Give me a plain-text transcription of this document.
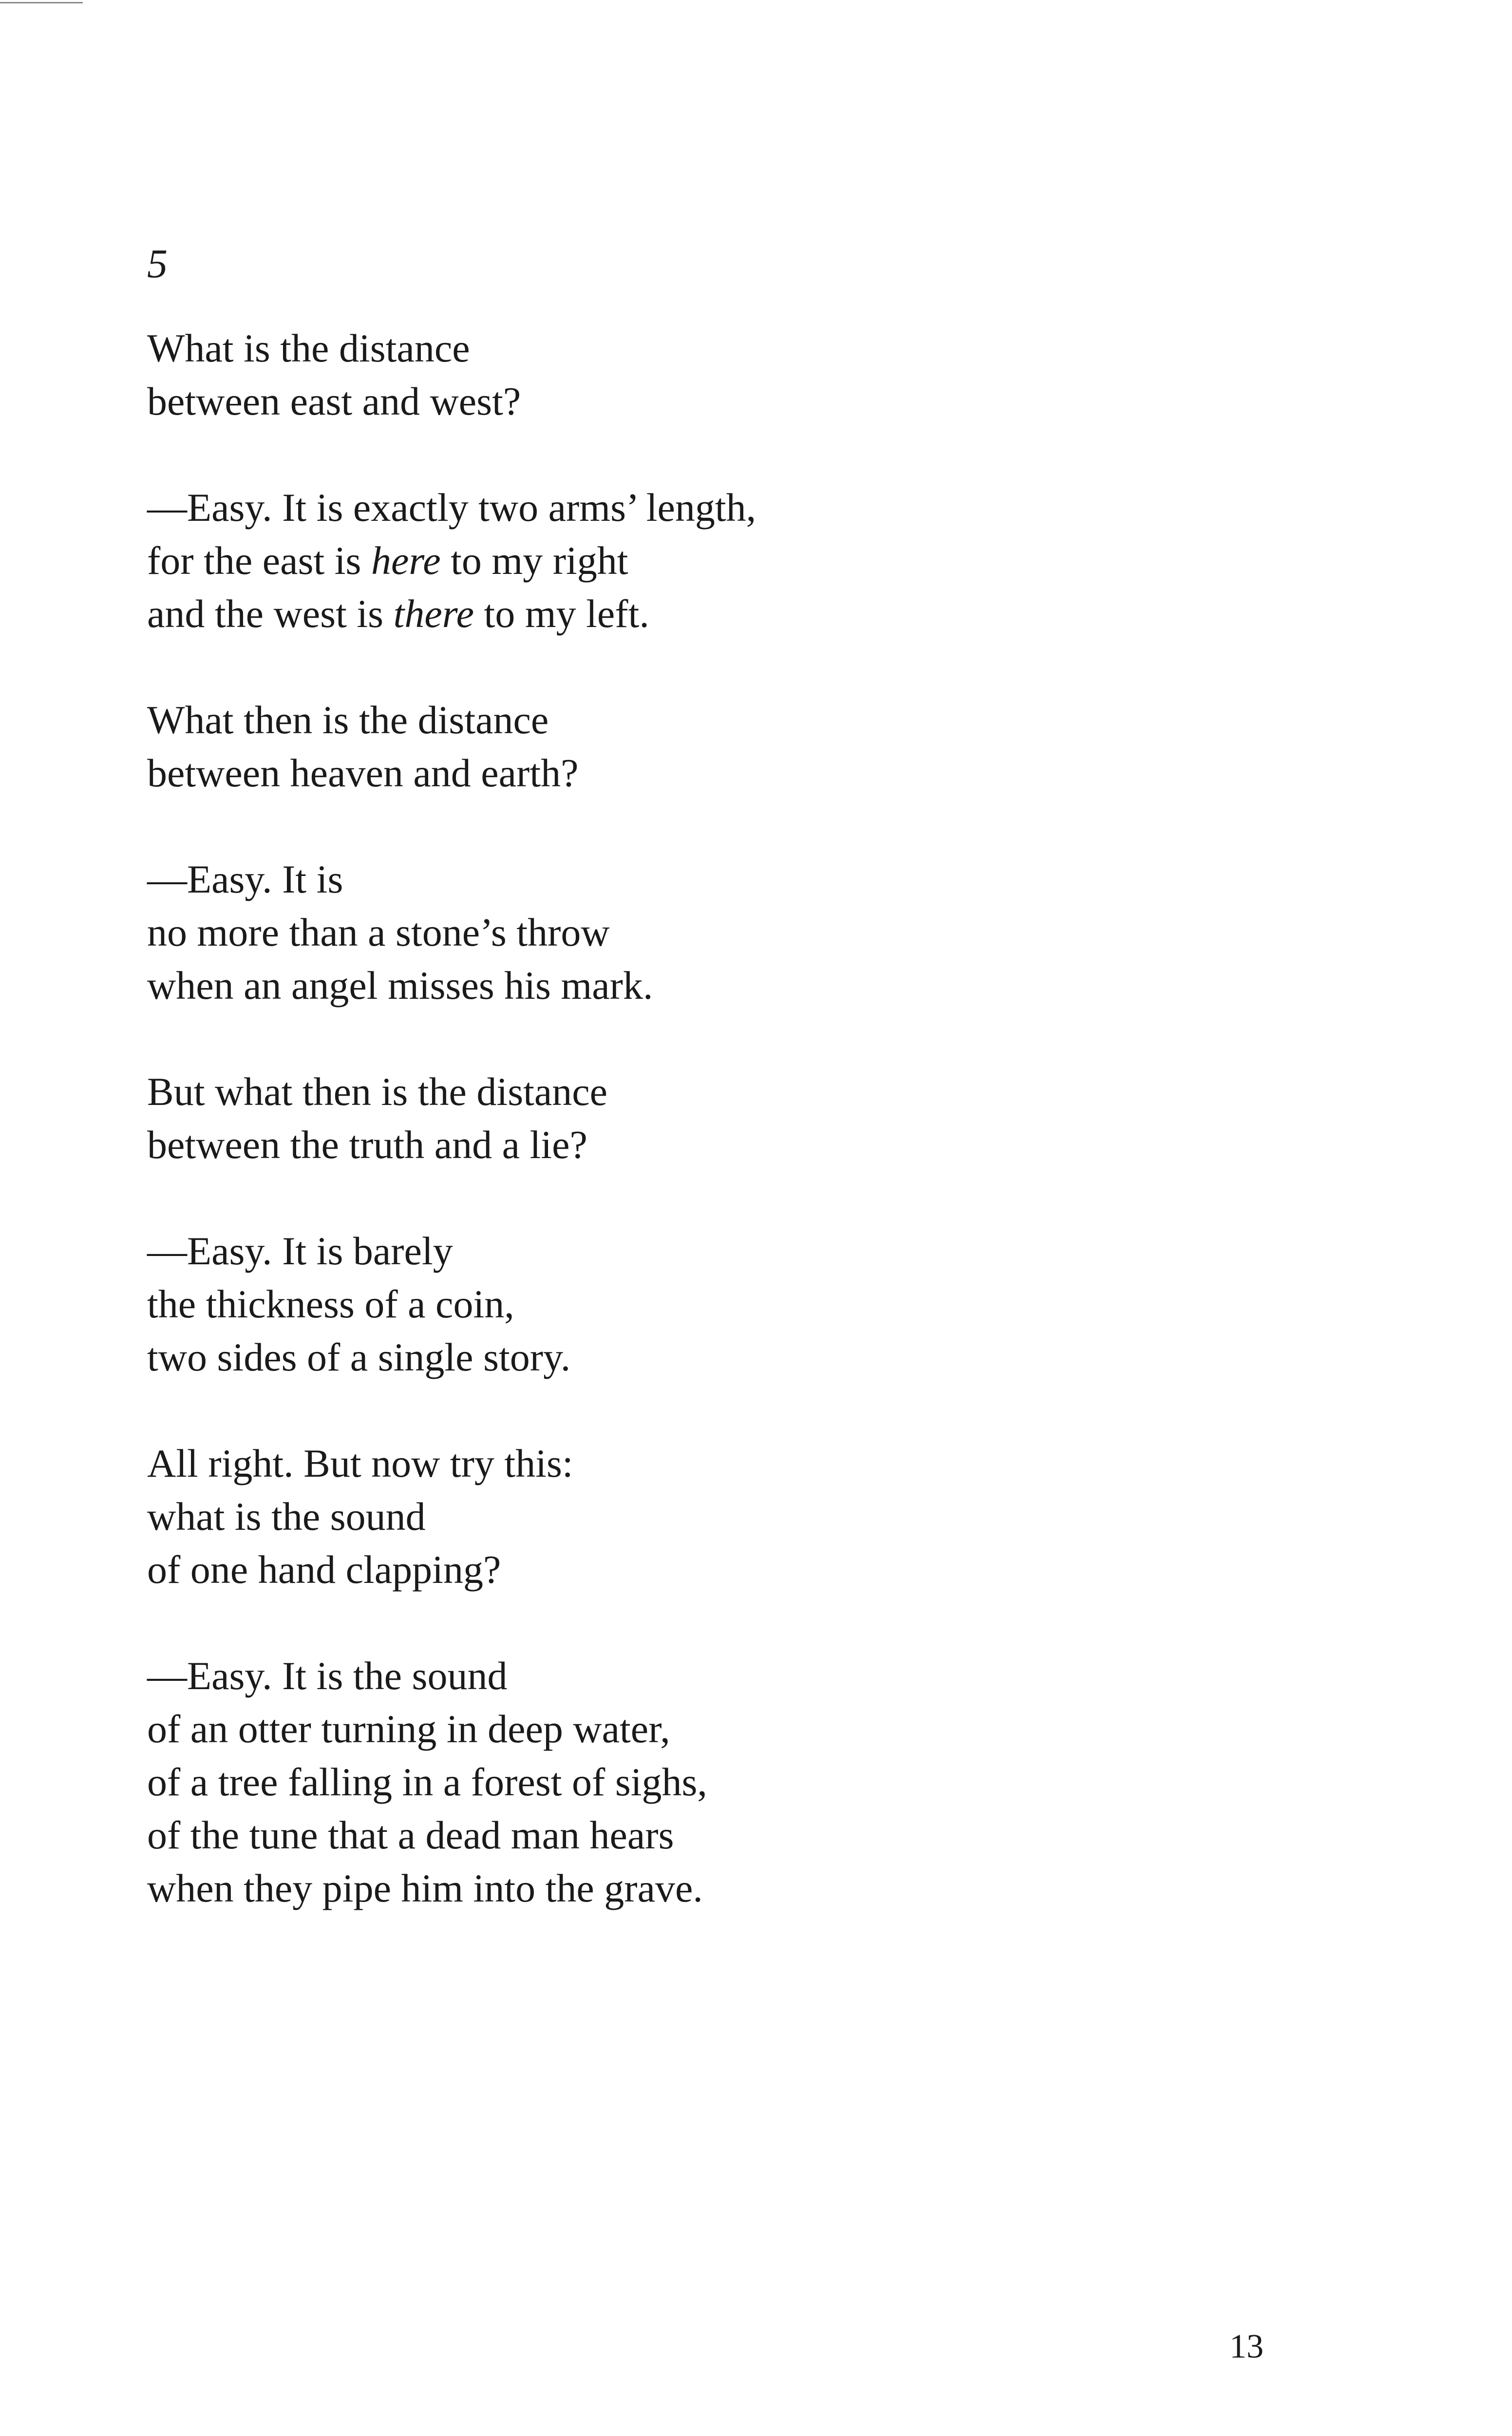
5
What is the distance
between east and west?
—Easy. It is exactly two arms’ length,
for the east is here to my right
and the west is there to my left.
What then is the distance
between heaven and earth?
—Easy. It is
no more than a stone’s throw
when an angel misses his mark.
But what then is the distance
between the truth and a lie?
—Easy. It is barely
the thickness of a coin,
two sides of a single story.
All right. But now try this:
what is the sound
of one hand clapping?
—Easy. It is the sound
of an otter turning in deep water,
of a tree falling in a forest of sighs,
of the tune that a dead man hears
when they pipe him into the grave.
13
